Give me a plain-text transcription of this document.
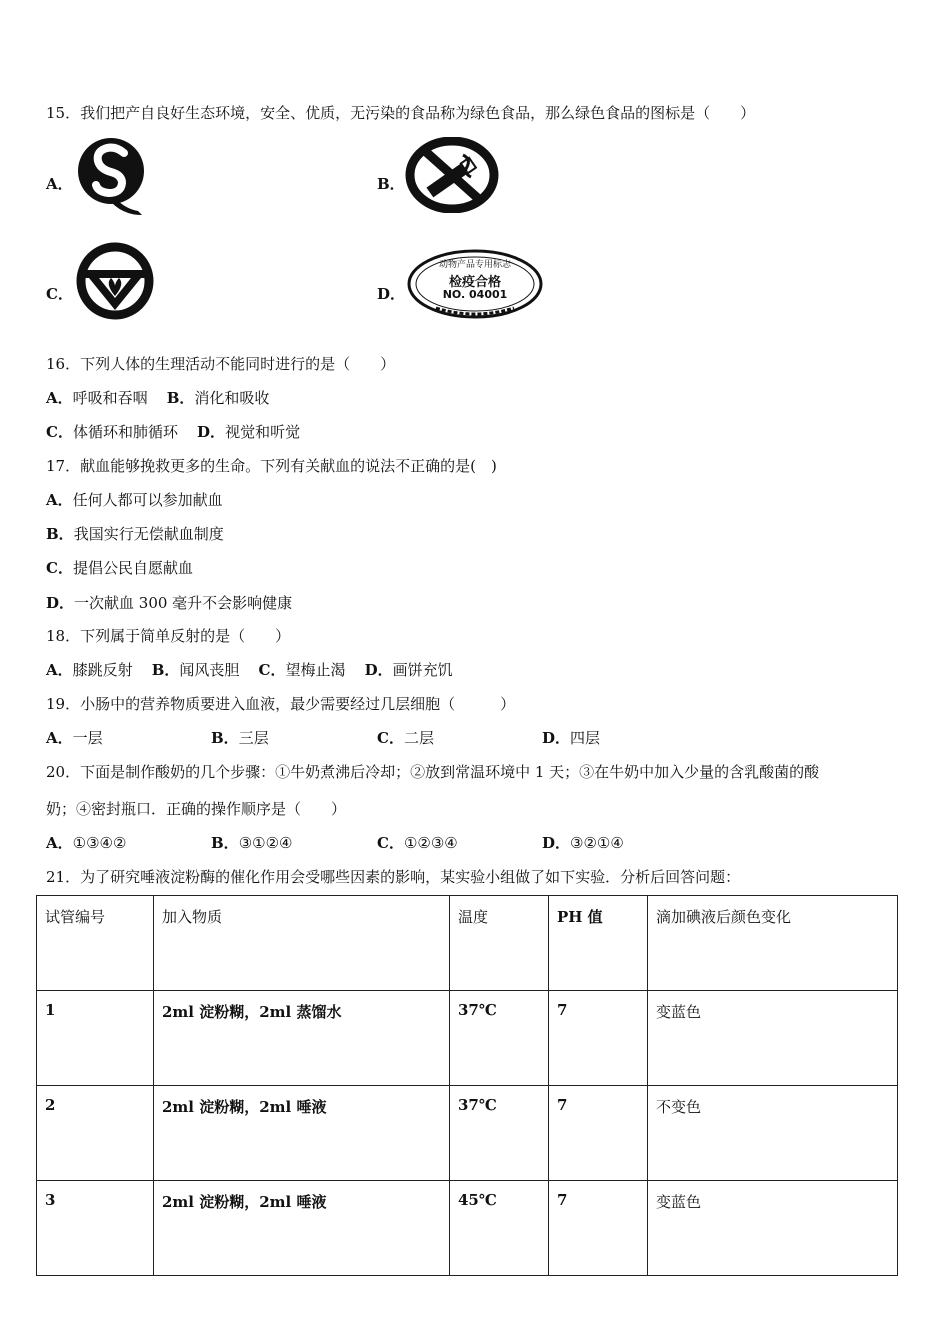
15．我们把产自良好生态环境，安全、优质，无污染的食品称为绿色食品，那么绿色食品的图标是（　　）
A．	B．
C．	D．
动物产品专用标志
检疫合格
NO. 04001
16．下列人体的生理活动不能同时进行的是（　　）
A．呼吸和吞咽 B．消化和吸收
C．体循环和肺循环 D．视觉和听觉
17．献血能够挽救更多的生命。下列有关献血的说法不正确的是(　)
A．任何人都可以参加献血
B．我国实行无偿献血制度
C．提倡公民自愿献血
D．一次献血 300 毫升不会影响健康
18．下列属于简单反射的是（　　）
A．膝跳反射 B．闻风丧胆 C．望梅止渴 D．画饼充饥
19．小肠中的营养物质要进入血液，最少需要经过几层细胞（　　　）
A．一层	B．三层	C．二层	D．四层
20．下面是制作酸奶的几个步骤：①牛奶煮沸后冷却；②放到常温环境中 1 天；③在牛奶中加入少量的含乳酸菌的酸
奶；④密封瓶口．正确的操作顺序是（　　）
A．①③④②	B．③①②④	C．①②③④	D．③②①④
21．为了研究唾液淀粉酶的催化作用会受哪些因素的影响，某实验小组做了如下实验．分析后回答问题：
试管编号	加入物质	温度	PH 值	滴加碘液后颜色变化
1	2ml 淀粉糊，2ml 蒸馏水	37℃	7	变蓝色
2	2ml 淀粉糊，2ml 唾液	37℃	7	不变色
3	2ml 淀粉糊，2ml 唾液	45℃	7	变蓝色
